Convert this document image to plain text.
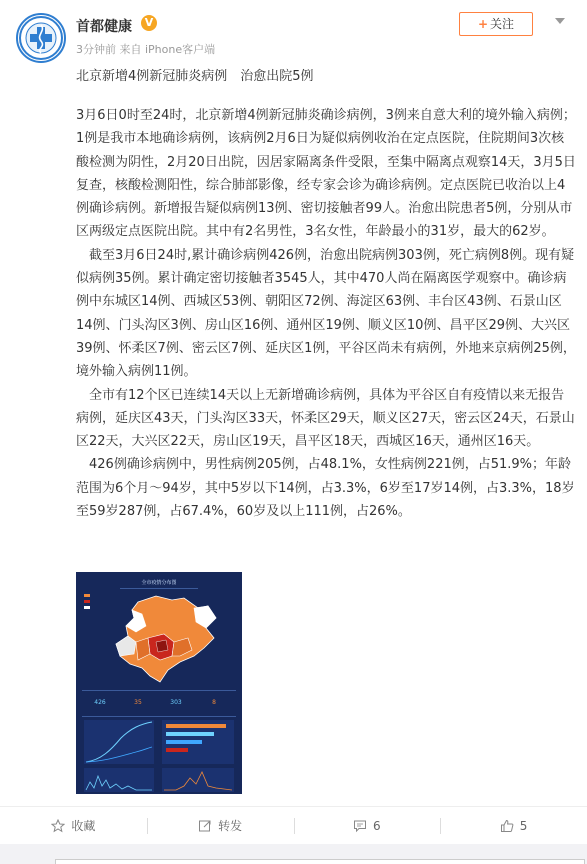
首都健康	V
3分钟前 来自 iPhone客户端
+ 关注
北京新增4例新冠肺炎病例　治愈出院5例

3月6日0时至24时，北京新增4例新冠肺炎确诊病例，3例来自意大利的境外输入病例；1例是我市本地确诊病例，该病例2月6日为疑似病例收治在定点医院，住院期间3次核酸检测为阴性，2月20日出院，因居家隔离条件受限，至集中隔离点观察14天，3月5日复查，核酸检测阳性，综合肺部影像，经专家会诊为确诊病例。定点医院已收治以上4例确诊病例。新增报告疑似病例13例、密切接触者99人。治愈出院患者5例，分别从市区两级定点医院出院。其中有2名男性，3名女性，年龄最小的31岁，最大的62岁。

　截至3月6日24时,累计确诊病例426例，治愈出院病例303例，死亡病例8例。现有疑似病例35例。累计确定密切接触者3545人，其中470人尚在隔离医学观察中。确诊病例中东城区14例、西城区53例、朝阳区72例、海淀区63例、丰台区43例、石景山区14例、门头沟区3例、房山区16例、通州区19例、顺义区10例、昌平区29例、大兴区39例、怀柔区7例、密云区7例、延庆区1例，平谷区尚未有病例，外地来京病例25例，境外输入病例11例。

　全市有12个区已连续14天以上无新增确诊病例，具体为平谷区自有疫情以来无报告病例，延庆区43天，门头沟区33天，怀柔区29天，顺义区27天，密云区24天，石景山区22天，大兴区22天，房山区19天，昌平区18天，西城区16天，通州区16天。

　426例确诊病例中，男性病例205例，占48.1%，女性病例221例，占51.9%；年龄范围为6个月～94岁，其中5岁以下14例，占3.3%，6岁至17岁14例，占3.3%，18岁至59岁287例，占67.4%，60岁及以上111例，占26%。

全市疫情分布图
426	35	303	8
收藏	转发	6	5
